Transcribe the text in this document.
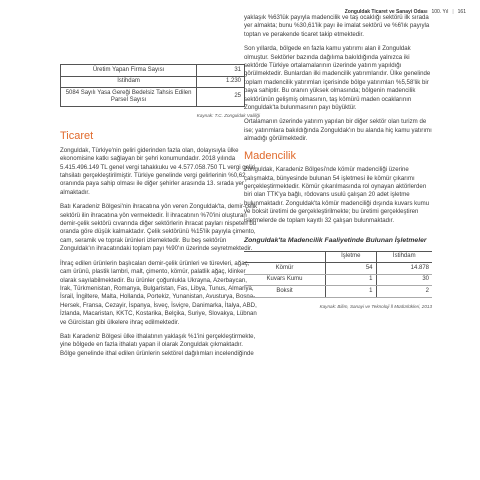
Zonguldak Ticaret ve Sanayi Odası 100. Yıl | 161
Üretim Yapan Firma Sayısı	31
İstihdam	1.230
5084 Sayılı Yasa Gereği Bedelsiz Tahsis Edilen Parsel Sayısı	25
Kaynak: T.C. Zonguldak Valiliği
Ticaret

Zonguldak, Türkiye'nin geliri giderinden fazla olan, dolayısıyla ülke ekonomisine katkı sağlayan bir şehri konumundadır. 2018 yılında 5.415.496.149 TL genel vergi tahakkuku ve 4.577.058.750 TL vergi geliri tahsilatı gerçekleştirilmiştir. Türkiye genelinde vergi gelirlerinin %0,62 oranında paya sahip olması ile diğer şehirler arasında 13. sırada yer almaktadır.

Batı Karadeniz Bölgesi'nin ihracatına yön veren Zonguldak'ta, demir-çelik sektörü ilin ihracatına yön vermektedir. İl ihracatının %70'ini oluşturan demir-çelik sektörü cıvarında diğer sektörlerin ihracat payları nispeten bu oranda göre düşük kalmaktadır. Çelik sektörünü %15'lik payıyla çimento, cam, seramik ve toprak ürünleri izlemektedir. Bu beş sektörün Zonguldak'ın ihracatındaki toplam payı %90'ın üzerinde seyretmektedir.

İhraç edilen ürünlerin başlıcaları demir-çelik ürünleri ve türevleri, ağaç, cam ürünü, plastik lambri, malt, çimento, kömür, palatlik ağaç, klinker olarak sayılabilmektedir. Bu ürünler çoğunlukla Ukrayna, Azerbaycan, Irak, Türkmenistan, Romanya, Bulgaristan, Fas, Libya, Tunus, Almanya, İsrail, İngiltere, Malta, Hollanda, Portekiz, Yunanistan, Avusturya, Bosna-Hersek, Fransa, Cezayir, İspanya, İsveç, İsviçre, Danimarka, İtalya, ABD, İzlanda, Macaristan, KKTC, Kostarika, Belçika, Suriye, Slovakya, Lübnan ve Gürcistan gibi ülkelere ihraç edilmektedir.

Batı Karadeniz Bölgesi ülke ithalatının yaklaşık %1'ini gerçekleştirmekte, yine bölgede en fazla ithalatı yapan il olarak Zonguldak çıkmaktadır. Bölge genelinde ithal edilen ürünlerin sektörel dağılımları incelendiğinde

yaklaşık %63'lük payıyla madencilik ve taş ocaklığı sektörü ilk sırada yer almakta; bunu %30,61'lik payı ile imalat sektörü ve %6'lık payıyla toptan ve perakende ticaret takip etmektedir.

Son yıllarda, bölgede en fazla kamu yatırımı alan il Zonguldak olmuştur. Sektörler bazında dağılıma bakıldığında yalnızca iki sektörde Türkiye ortalamalarının üzerinde yatırım yapıldığı görülmektedir. Bunlardan ilki madencilik yatırımlarıdır. Ülke genelinde toplam madencilik yatırımları içerisinde bölge yatırımları %5,58'lik bir paya sahiptir. Bu oranın yüksek olmasında; bölgenin madencilik sektörünün gelişmiş olmasının, taş kömürü maden ocaklarının Zonguldak'ta bulunmasının payı büyüktür.

Ortalamanın üzerinde yatırım yapılan bir diğer sektör olan turizm de ise; yatırımlara bakıldığında Zonguldak'ın bu alanda hiç kamu yatırımı almadığı görülmektedir.

Madencilik

Zonguldak, Karadeniz Bölgesi'nde kömür madenciliği üzerine çalışmakta, bünyesinde bulunan 54 işletmesi ile kömür çıkarımı gerçekleştirmektedir. Kömür çıkarılmasında rol oynayan aktörlerden biri olan TTK'ya bağlı, rödovans usulü çalışan 20 adet işletme bulunmaktadır. Zonguldak'ta kömür madenciliği dışında kuvars kumu ve boksit üretimi de gerçekleştirilmekte; bu üretimi gerçekleştiren işletmelerde de toplam kayıtlı 32 çalışan bulunmaktadır.

Zonguldak'ta Madencilik Faaliyetinde Bulunan İşletmeler
	İşletme	İstihdam
Kömür	54	14.878
Kuvars Kumu	1	30
Boksit	1	2
Kaynak: Bilim, Sanayi ve Teknoloji İl Müdürlükleri, 2013
